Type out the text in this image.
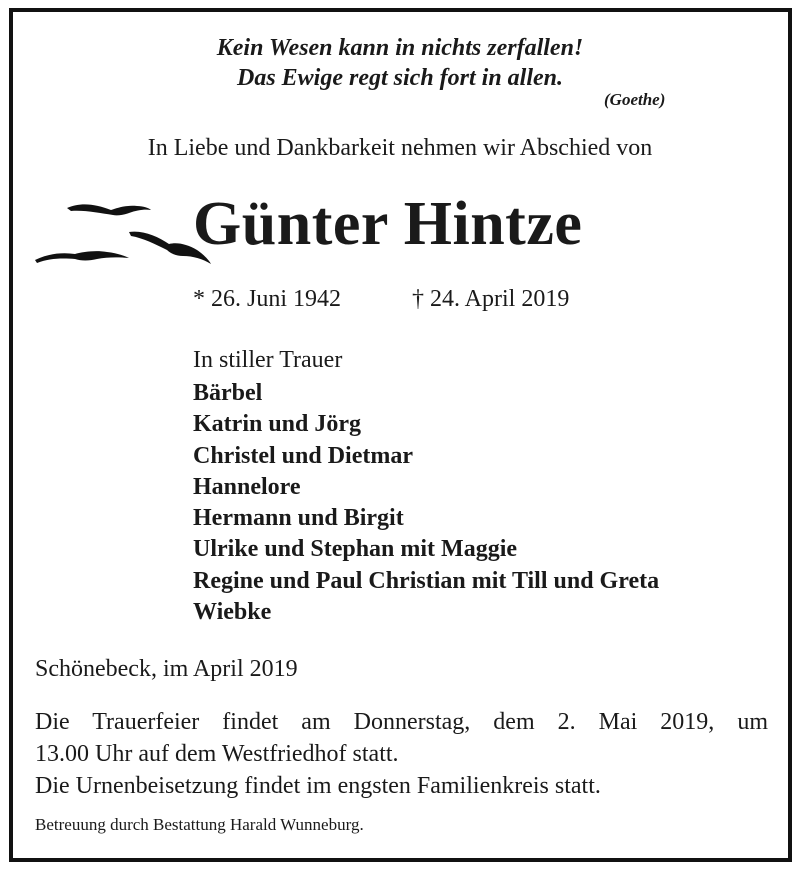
Kein Wesen kann in nichts zerfallen!
Das Ewige regt sich fort in allen.
(Goethe)
In Liebe und Dankbarkeit nehmen wir Abschied von
Günter Hintze
* 26. Juni 1942	† 24. April 2019
In stiller Trauer
Bärbel
Katrin und Jörg
Christel und Dietmar
Hannelore
Hermann und Birgit
Ulrike und Stephan mit Maggie
Regine und Paul Christian mit Till und Greta
Wiebke
Schönebeck, im April 2019
Die Trauerfeier findet am Donnerstag, dem 2. Mai 2019, um
13.00 Uhr auf dem Westfriedhof statt.
Die Urnenbeisetzung findet im engsten Familienkreis statt.
Betreuung durch Bestattung Harald Wunneburg.
